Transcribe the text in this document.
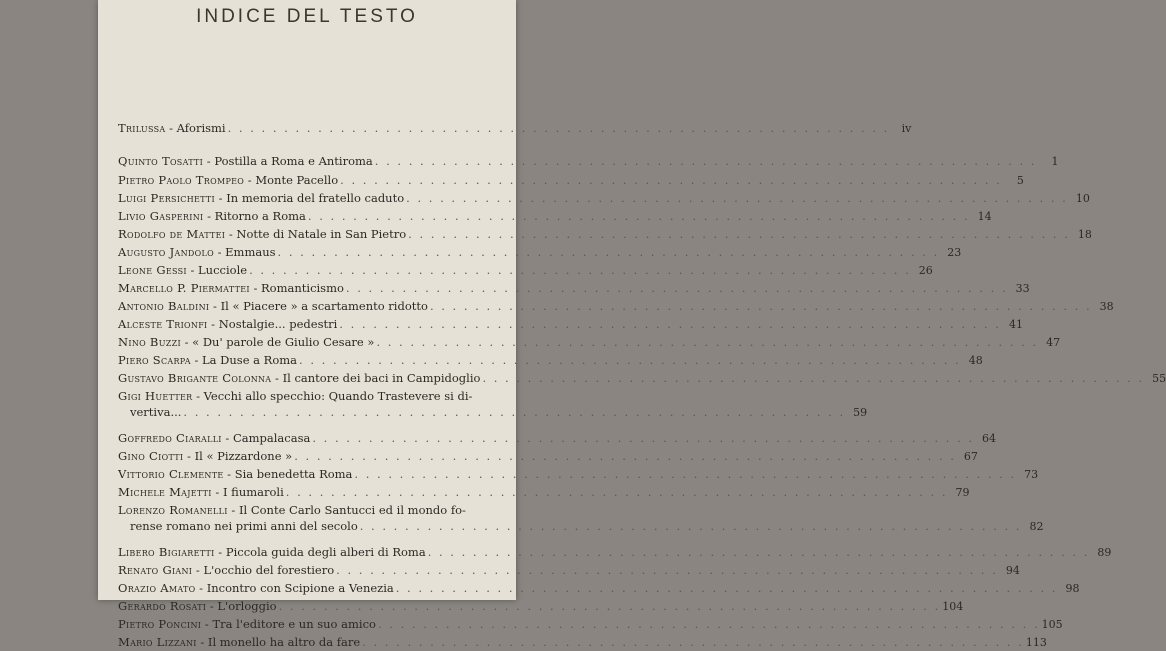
INDICE DEL TESTO
Trilussa - Aforismi . . .	iv
Quinto Tosatti - Postilla a Roma e Antiroma . . .	1
Pietro Paolo Trompeo - Monte Pacello . . .	5
Luigi Persichetti - In memoria del fratello caduto . . .	10
Livio Gasperini - Ritorno a Roma . . .	14
Rodolfo de Mattei - Notte di Natale in San Pietro . . .	18
Augusto Jandolo - Emmaus . . .	23
Leone Gessi - Lucciole . . .	26
Marcello P. Piermattei - Romanticismo . . .	33
Antonio Baldini - Il « Piacere » a scartamento ridotto . . .	38
Alceste Trionfi - Nostalgie... pedestri . . .	41
Nino Buzzi - « Du' parole de Giulio Cesare » . . .	47
Piero Scarpa - La Duse a Roma . . .	48
Gustavo Brigante Colonna - Il cantore dei baci in Campidoglio . . .	55
Gigi Huetter - Vecchi allo specchio: Quando Trastevere si di-
vertiva... . . .	59
Goffredo Ciaralli - Campalacasa . . .	64
Gino Ciotti - Il « Pizzardone » . . .	67
Vittorio Clemente - Sia benedetta Roma . . .	73
Michele Majetti - I fiumaroli . . .	79
Lorenzo Romanelli - Il Conte Carlo Santucci ed il mondo fo-
rense romano nei primi anni del secolo . . .	82
Libero Bigiaretti - Piccola guida degli alberi di Roma . . .	89
Renato Giani - L'occhio del forestiero . . .	94
Orazio Amato - Incontro con Scipione a Venezia . . .	98
Gerardo Rosati - L'orloggio . . .	104
Pietro Poncini - Tra l'editore e un suo amico . . .	105
Mario Lizzani - Il monello ha altro da fare . . .	113
